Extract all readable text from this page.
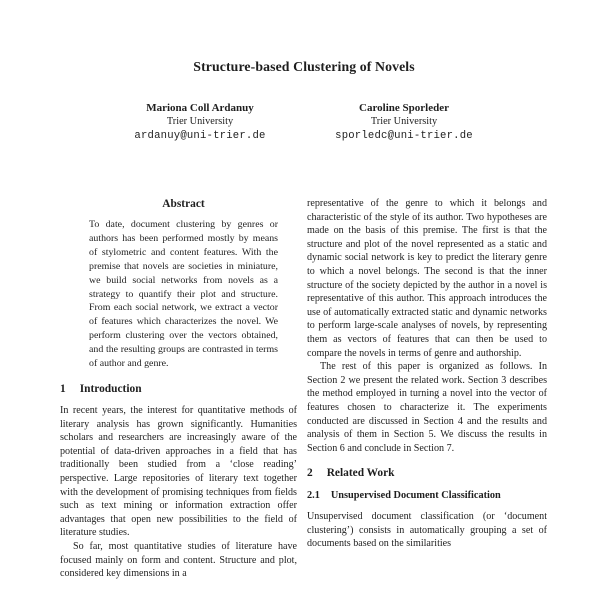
Structure-based Clustering of Novels
Mariona Coll Ardanuy
Trier University
ardanuy@uni-trier.de
Caroline Sporleder
Trier University
sporledc@uni-trier.de
Abstract
To date, document clustering by genres or authors has been performed mostly by means of stylometric and content features. With the premise that novels are societies in miniature, we build social networks from novels as a strategy to quantify their plot and structure. From each social network, we extract a vector of features which characterizes the novel. We perform clustering over the vectors obtained, and the resulting groups are contrasted in terms of author and genre.
1 Introduction

In recent years, the interest for quantitative methods of literary analysis has grown significantly. Humanities scholars and researchers are increasingly aware of the potential of data-driven approaches in a field that has traditionally been studied from a ‘close reading’ perspective. Large repositories of literary text together with the development of promising techniques from fields such as text mining or information extraction offer advantages that open new possibilities to the field of literature studies.

So far, most quantitative studies of literature have focused mainly on form and content. Structure and plot, considered key dimensions in a

representative of the genre to which it belongs and characteristic of the style of its author. Two hypotheses are made on the basis of this premise. The first is that the structure and plot of the novel represented as a static and dynamic social network is key to predict the literary genre to which a novel belongs. The second is that the inner structure of the society depicted by the author in a novel is representative of this author. This approach introduces the use of automatically extracted static and dynamic networks to perform large-scale analyses of novels, by representing them as vectors of features that can then be used to compare the novels in terms of genre and authorship.

The rest of this paper is organized as follows. In Section 2 we present the related work. Section 3 describes the method employed in turning a novel into the vector of features chosen to characterize it. The experiments conducted are discussed in Section 4 and the results and analysis of them in Section 5. We discuss the results in Section 6 and conclude in Section 7.

2 Related Work
2.1 Unsupervised Document Classification

Unsupervised document classification (or ‘document clustering’) consists in automatically grouping a set of documents based on the similarities
